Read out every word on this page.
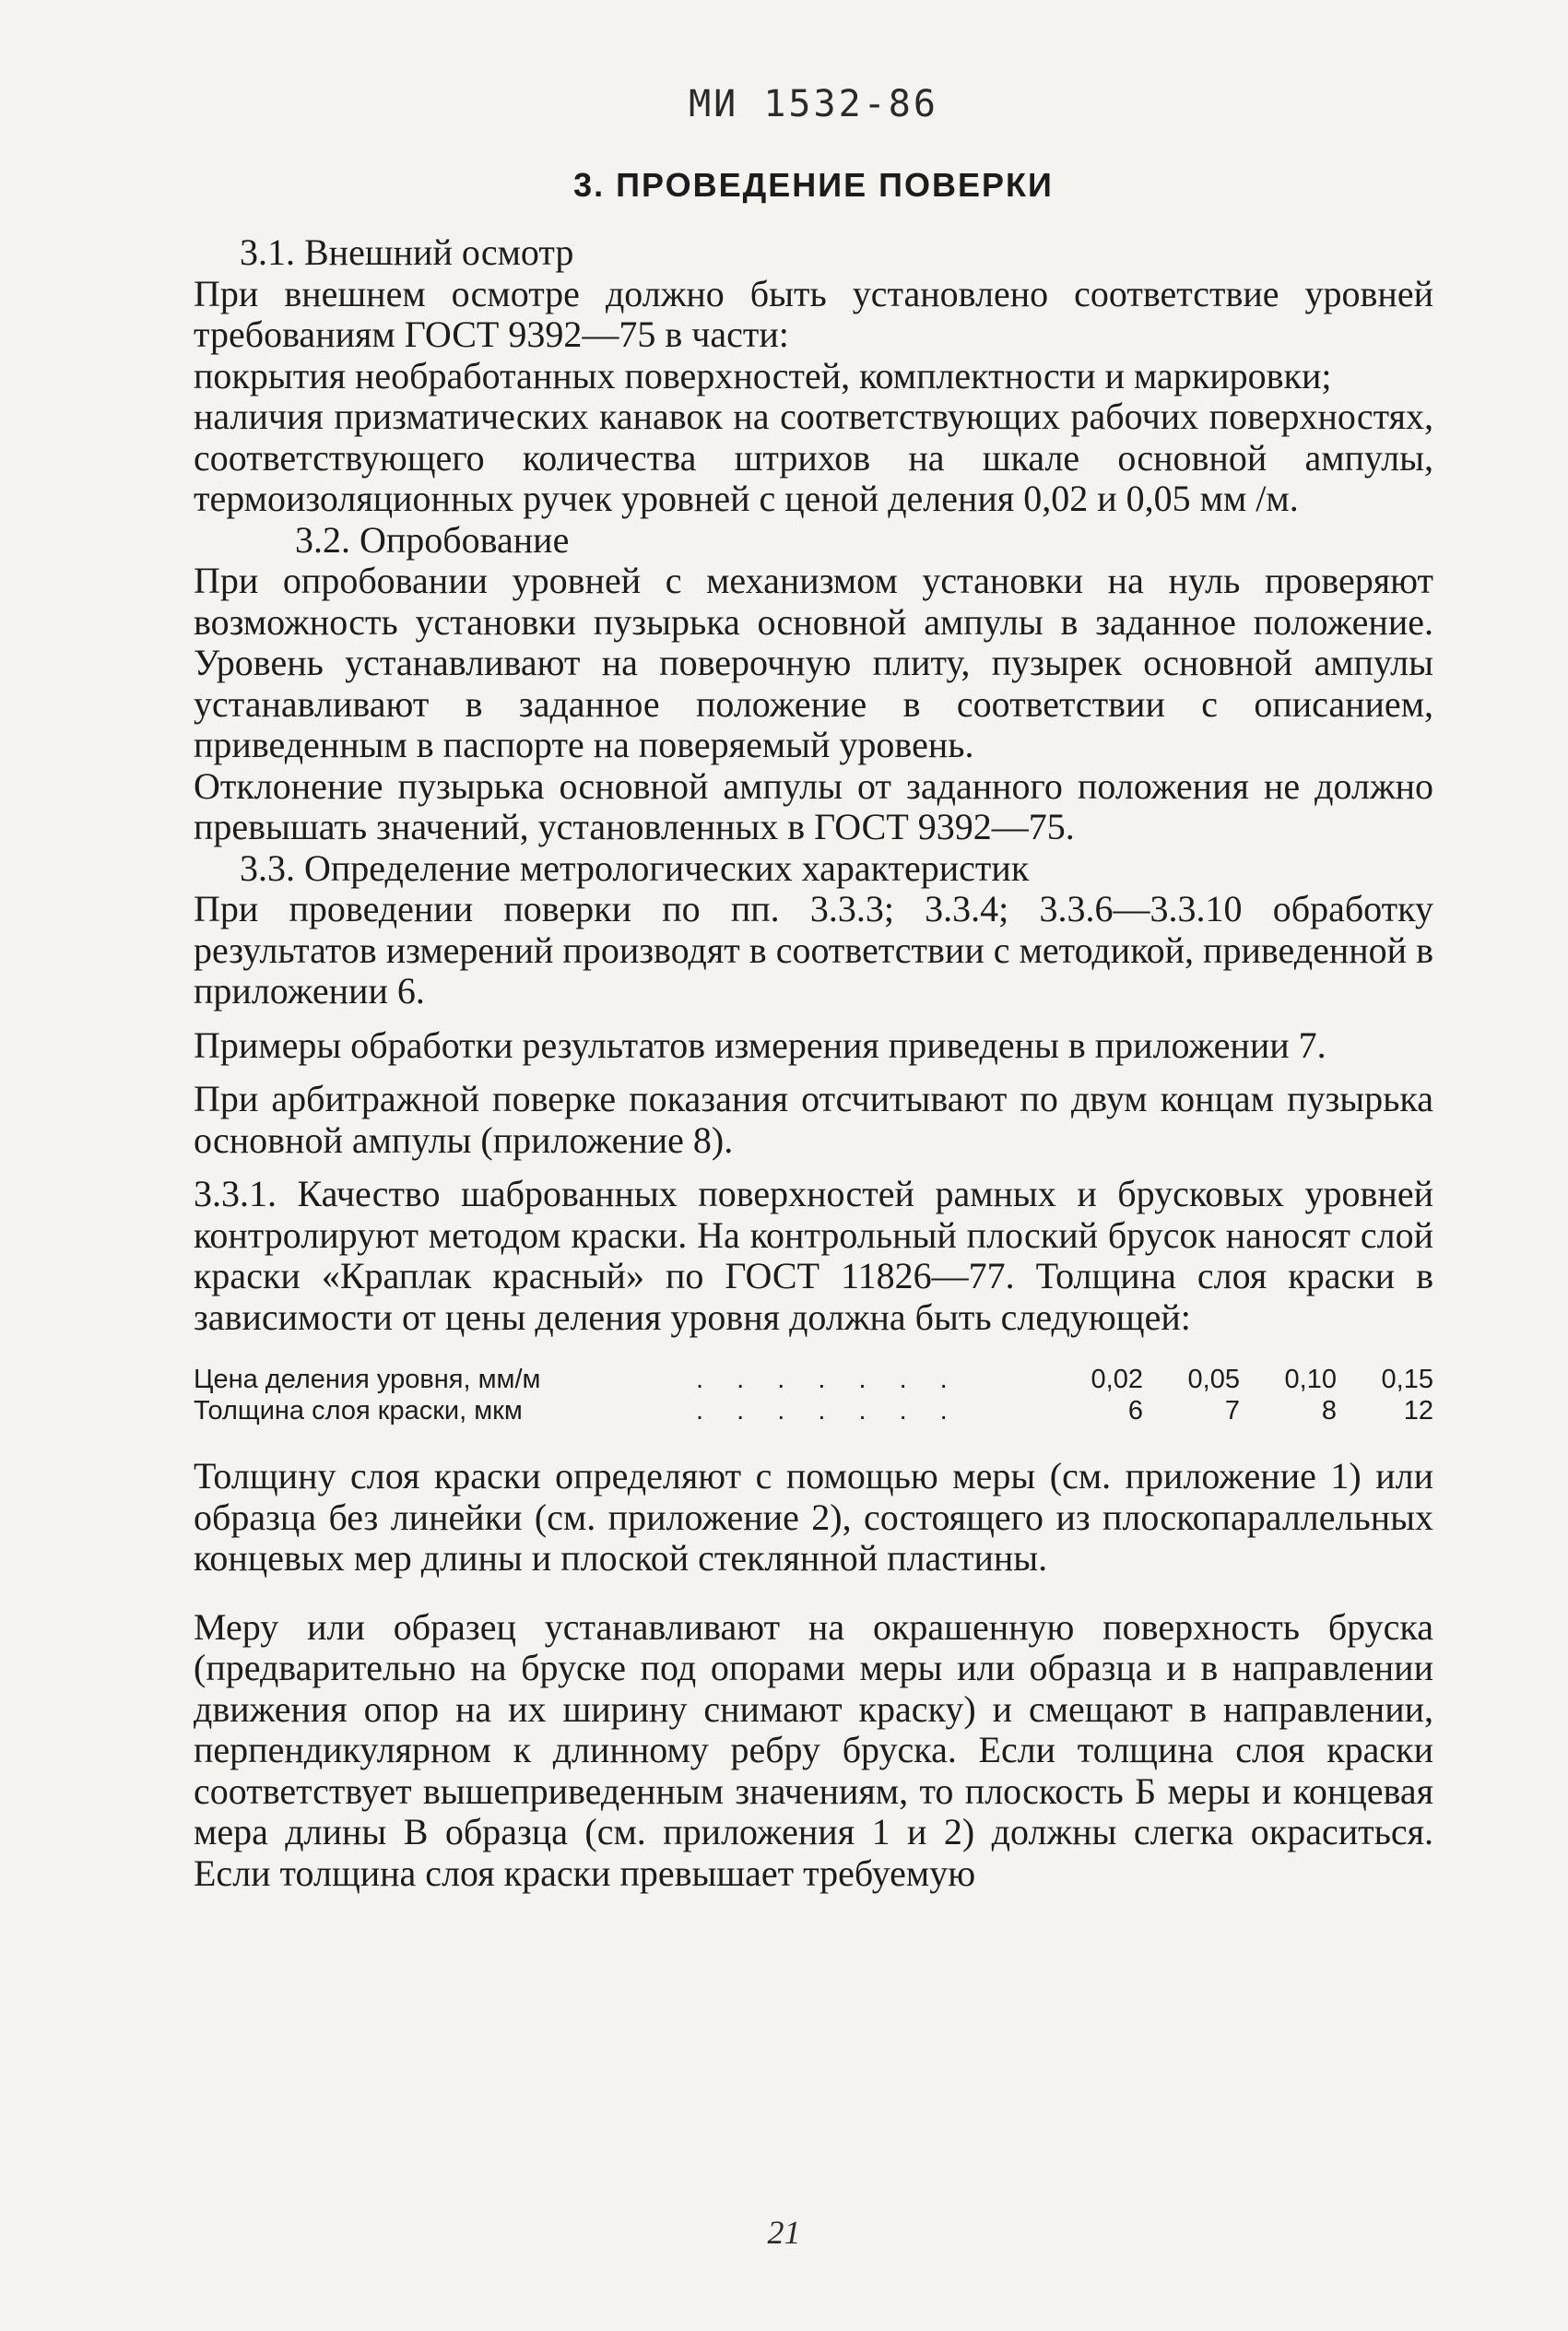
МИ 1532-86
3. ПРОВЕДЕНИЕ ПОВЕРКИ
3.1. Внешний осмотр

При внешнем осмотре должно быть установлено соответствие уровней требованиям ГОСТ 9392—75 в части:

покрытия необработанных поверхностей, комплектности и маркировки;

наличия призматических канавок на соответствующих рабочих поверхностях, соответствующего количества штрихов на шкале основной ампулы, термоизоляционных ручек уровней с ценой деления 0,02 и 0,05 мм /м.

3.2. Опробование

При опробовании уровней с механизмом установки на нуль проверяют возможность установки пузырька основной ампулы в заданное положение. Уровень устанавливают на поверочную плиту, пузырек основной ампулы устанавливают в заданное положение в соответствии с описанием, приведенным в паспорте на поверяемый уровень.

Отклонение пузырька основной ампулы от заданного положения не должно превышать значений, установленных в ГОСТ 9392—75.

3.3. Определение метрологических характеристик

При проведении поверки по пп. 3.3.3; 3.3.4; 3.3.6—3.3.10 обработку результатов измерений производят в соответствии с методикой, приведенной в приложении 6.

Примеры обработки результатов измерения приведены в приложении 7.

При арбитражной поверке показания отсчитывают по двум концам пузырька основной ампулы (приложение 8).

3.3.1. Качество шаброванных поверхностей рамных и брусковых уровней контролируют методом краски. На контрольный плоский брусок наносят слой краски «Краплак красный» по ГОСТ 11826—77. Толщина слоя краски в зависимости от цены деления уровня должна быть следующей:

Цена деления уровня, мм/м	. . . . . . .	0,02	0,05	0,10	0,15
Толщина слоя краски, мкм	. . . . . . .	6	7	8	12

Толщину слоя краски определяют с помощью меры (см. приложение 1) или образца без линейки (см. приложение 2), состоящего из плоскопараллельных концевых мер длины и плоской стеклянной пластины.

Меру или образец устанавливают на окрашенную поверхность бруска (предварительно на бруске под опорами меры или образца и в направлении движения опор на их ширину снимают краску) и смещают в направлении, перпендикулярном к длинному ребру бруска. Если толщина слоя краски соответствует вышеприведенным значениям, то плоскость Б меры и концевая мера длины В образца (см. приложения 1 и 2) должны слегка окраситься. Если толщина слоя краски превышает требуемую

21
